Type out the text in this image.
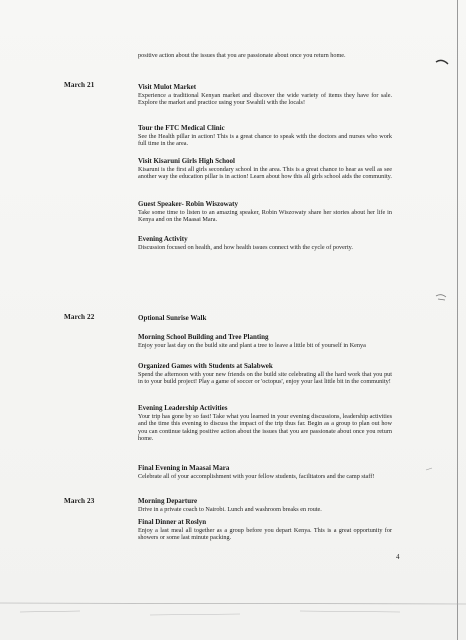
positive action about the issues that you are passionate about once you return home.
March 21
March 22
March 23
Visit Mulot Market
Experience a traditional Kenyan market and discover the wide variety of items they have for sale. Explore the market and practice using your Swahili with the locals!
Tour the FTC Medical Clinic
See the Health pillar in action! This is a great chance to speak with the doctors and nurses who work full time in the area.
Visit Kisaruni Girls High School
Kisaruni is the first all girls secondary school in the area. This is a great chance to hear as well as see another way the education pillar is in action! Learn about how this all girls school aids the community.
Guest Speaker- Robin Wiszowaty
Take some time to listen to an amazing speaker, Robin Wiszowaty share her stories about her life in Kenya and on the Maasai Mara.
Evening Activity
Discussion focused on health, and how health issues connect with the cycle of poverty.
Optional Sunrise Walk
Morning School Building and Tree Planting
Enjoy your last day on the build site and plant a tree to leave a little bit of yourself in Kenya
Organized Games with Students at Salabwek
Spend the afternoon with your new friends on the build site celebrating all the hard work that you put in to your build project! Play a game of soccer or 'octopus', enjoy your last little bit in the community!
Evening Leadership Activities
Your trip has gone by so fast! Take what you learned in your evening discussions, leadership activities and the time this evening to discuss the impact of the trip thus far. Begin as a group to plan out how you can continue taking positive action about the issues that you are passionate about once you return home.
Final Evening in Maasai Mara
Celebrate all of your accomplishment with your fellow students, facilitators and the camp staff!
Morning Departure
Drive in a private coach to Nairobi. Lunch and washroom breaks en route.
Final Dinner at Roslyn
Enjoy a last meal all together as a group before you depart Kenya. This is a great opportunity for showers or some last minute packing.
4
